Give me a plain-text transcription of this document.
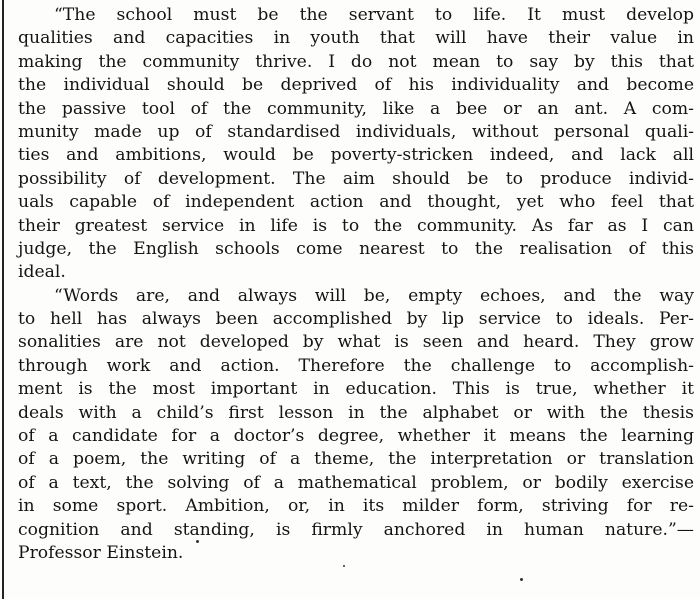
“The school must be the servant to life. It must develop
qualities and capacities in youth that will have their value in
making the community thrive. I do not mean to say by this that
the individual should be deprived of his individuality and become
the passive tool of the community, like a bee or an ant. A com-
munity made up of standardised individuals, without personal quali-
ties and ambitions, would be poverty-stricken indeed, and lack all
possibility of development. The aim should be to produce individ-
uals capable of independent action and thought, yet who feel that
their greatest service in life is to the community. As far as I can
judge, the English schools come nearest to the realisation of this
ideal.
“Words are, and always will be, empty echoes, and the way
to hell has always been accomplished by lip service to ideals. Per-
sonalities are not developed by what is seen and heard. They grow
through work and action. Therefore the challenge to accomplish-
ment is the most important in education. This is true, whether it
deals with a child’s first lesson in the alphabet or with the thesis
of a candidate for a doctor’s degree, whether it means the learning
of a poem, the writing of a theme, the interpretation or translation
of a text, the solving of a mathematical problem, or bodily exercise
in some sport. Ambition, or, in its milder form, striving for re-
cognition and standing, is firmly anchored in human nature.”—
Professor Einstein.
